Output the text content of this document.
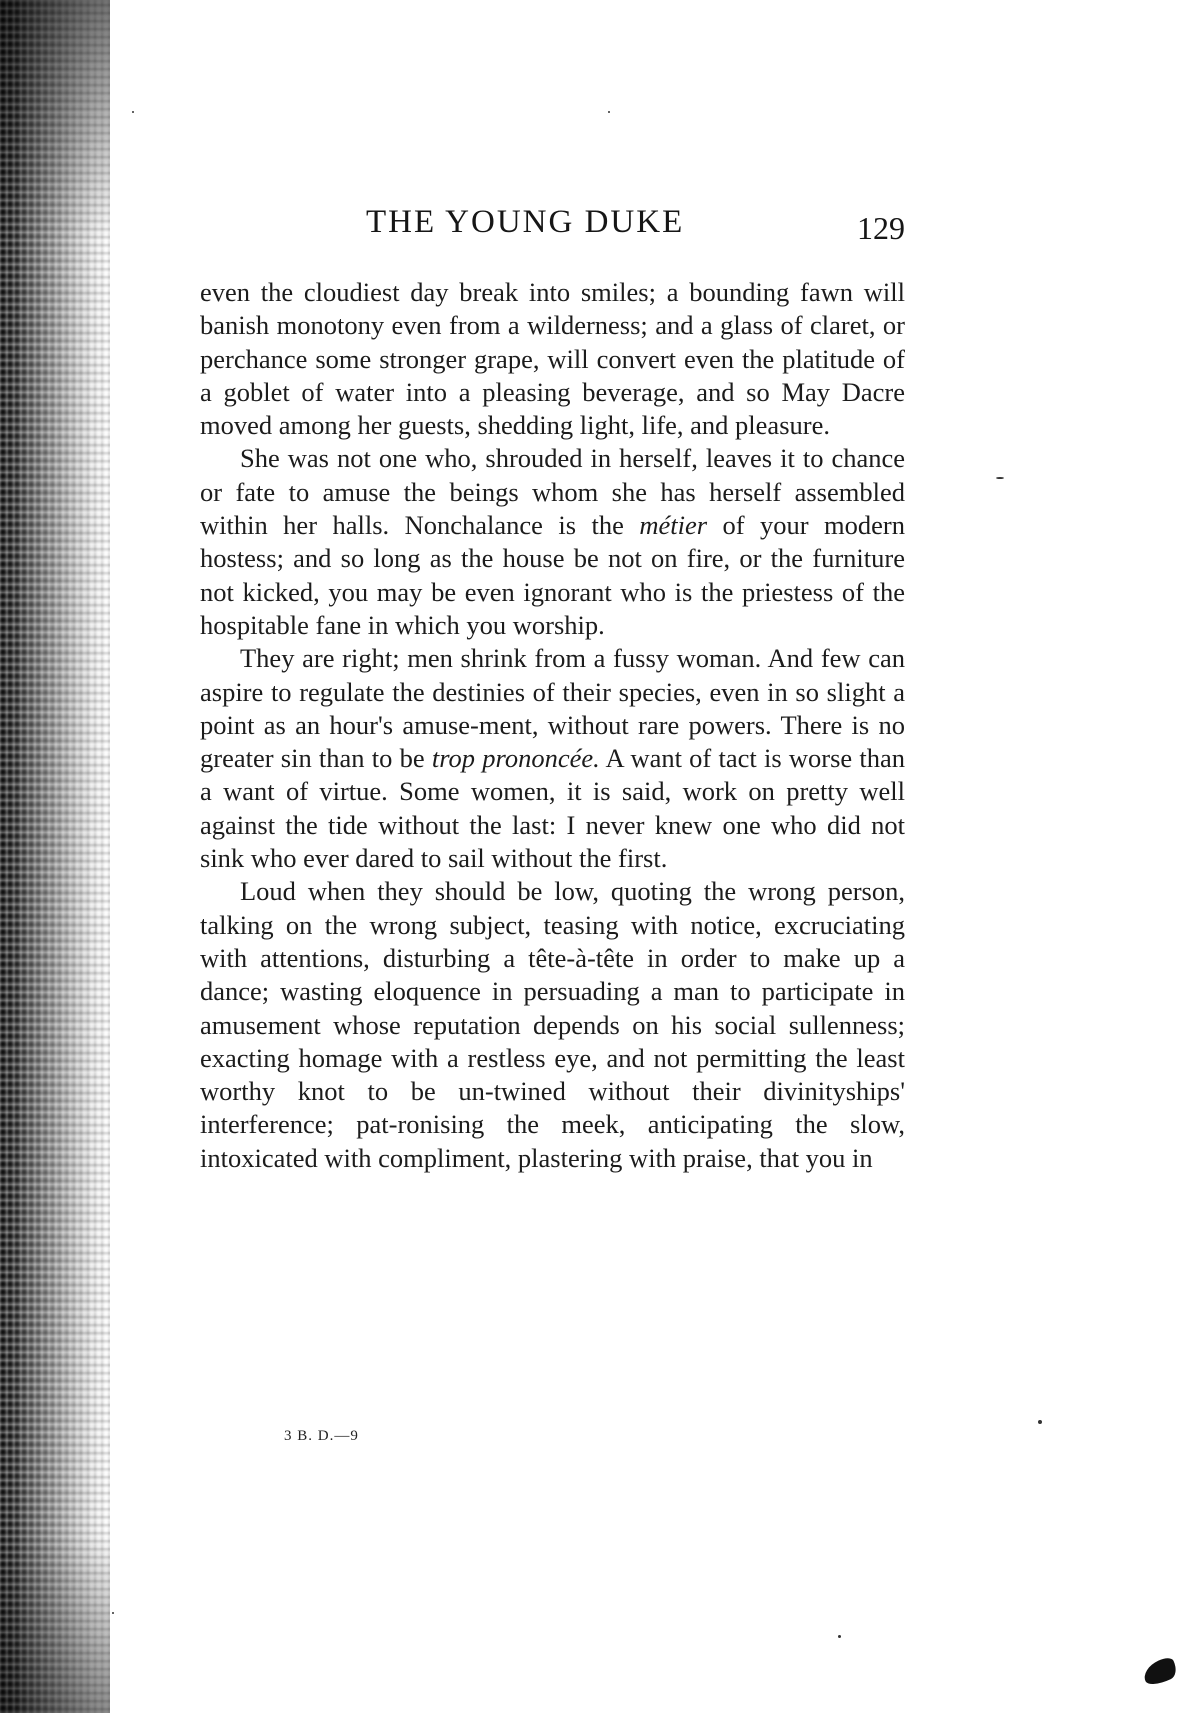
THE YOUNG DUKE	129

even the cloudiest day break into smiles; a bounding fawn will banish monotony even from a wilderness; and a glass of claret, or perchance some stronger grape, will convert even the platitude of a goblet of water into a pleasing beverage, and so May Dacre moved among her guests, shedding light, life, and pleasure.

She was not one who, shrouded in herself, leaves it to chance or fate to amuse the beings whom she has herself assembled within her halls. Nonchalance is the métier of your modern hostess; and so long as the house be not on fire, or the furniture not kicked, you may be even ignorant who is the priestess of the hospitable fane in which you worship.

They are right; men shrink from a fussy woman. And few can aspire to regulate the destinies of their species, even in so slight a point as an hour's amuse-ment, without rare powers. There is no greater sin than to be trop prononcée. A want of tact is worse than a want of virtue. Some women, it is said, work on pretty well against the tide without the last: I never knew one who did not sink who ever dared to sail without the first.

Loud when they should be low, quoting the wrong person, talking on the wrong subject, teasing with notice, excruciating with attentions, disturbing a tête-à-tête in order to make up a dance; wasting eloquence in persuading a man to participate in amusement whose reputation depends on his social sullenness; exacting homage with a restless eye, and not permitting the least worthy knot to be un-twined without their divinityships' interference; pat-ronising the meek, anticipating the slow, intoxicated with compliment, plastering with praise, that you in

3 B. D.—9
